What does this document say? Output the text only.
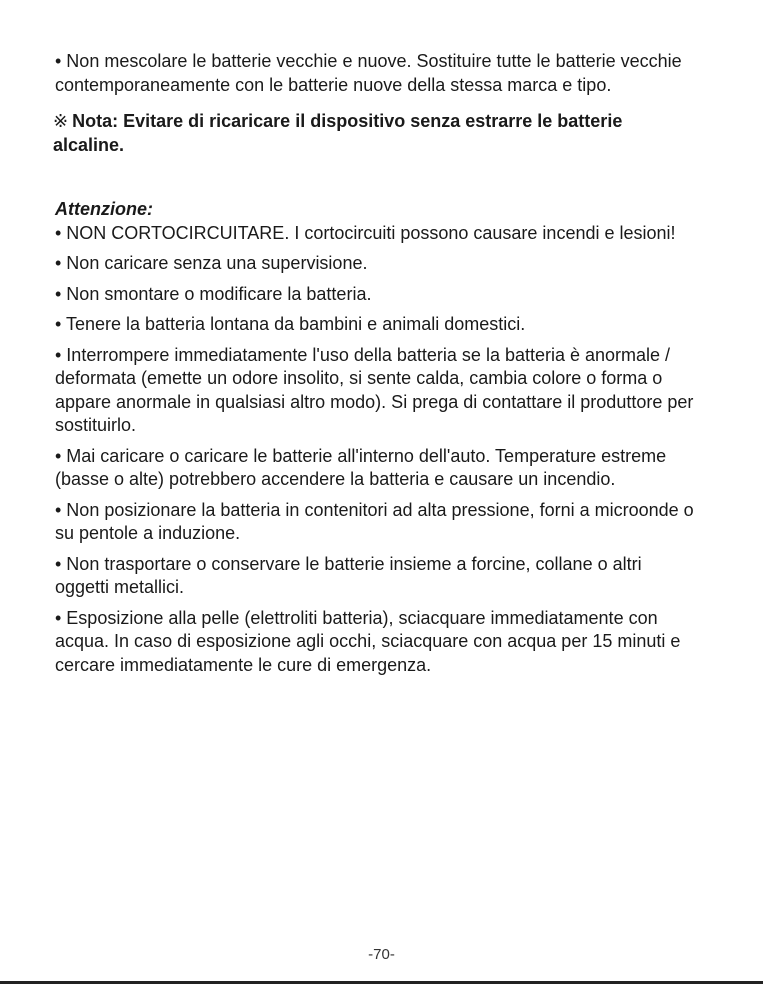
• Non mescolare le batterie vecchie e nuove. Sostituire tutte le batterie vecchie contemporaneamente con le batterie nuove della stessa marca e tipo.

※ Nota: Evitare di ricaricare il dispositivo senza estrarre le batterie alcaline.

Attenzione:

• NON CORTOCIRCUITARE. I cortocircuiti possono causare incendi e lesioni!

• Non caricare senza una supervisione.

• Non smontare o modificare la batteria.

• Tenere la batteria lontana da bambini e animali domestici.

• Interrompere immediatamente l'uso della batteria se la batteria è anormale / deformata (emette un odore insolito, si sente calda, cambia colore o forma o appare anormale in qualsiasi altro modo). Si prega di contattare il produttore per sostituirlo.

• Mai caricare o caricare le batterie all'interno dell'auto. Temperature estreme (basse o alte) potrebbero accendere la batteria e causare un incendio.

• Non posizionare la batteria in contenitori ad alta pressione, forni a microonde o su pentole a induzione.

• Non trasportare o conservare le batterie insieme a forcine, collane o altri oggetti metallici.

• Esposizione alla pelle (elettroliti batteria), sciacquare immediatamente con acqua. In caso di esposizione agli occhi, sciacquare con acqua per 15 minuti e cercare immediatamente le cure di emergenza.

-70-
